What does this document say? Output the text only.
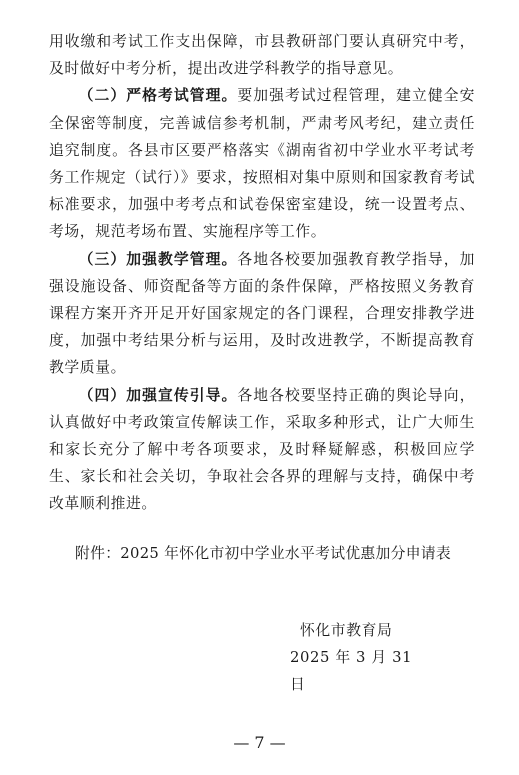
用收缴和考试工作支出保障，市县教研部门要认真研究中考，及时做好中考分析，提出改进学科教学的指导意见。

（二）严格考试管理。要加强考试过程管理，建立健全安全保密等制度，完善诚信参考机制，严肃考风考纪，建立责任追究制度。各县市区要严格落实《湖南省初中学业水平考试考务工作规定（试行）》要求，按照相对集中原则和国家教育考试标准要求，加强中考考点和试卷保密室建设，统一设置考点、考场，规范考场布置、实施程序等工作。

（三）加强教学管理。各地各校要加强教育教学指导，加强设施设备、师资配备等方面的条件保障，严格按照义务教育课程方案开齐开足开好国家规定的各门课程，合理安排教学进度，加强中考结果分析与运用，及时改进教学，不断提高教育教学质量。

（四）加强宣传引导。各地各校要坚持正确的舆论导向，认真做好中考政策宣传解读工作，采取多种形式，让广大师生和家长充分了解中考各项要求，及时释疑解惑，积极回应学生、家长和社会关切，争取社会各界的理解与支持，确保中考改革顺利推进。

附件：2025 年怀化市初中学业水平考试优惠加分申请表
怀化市教育局
2025 年 3 月 31 日
— 7 —
